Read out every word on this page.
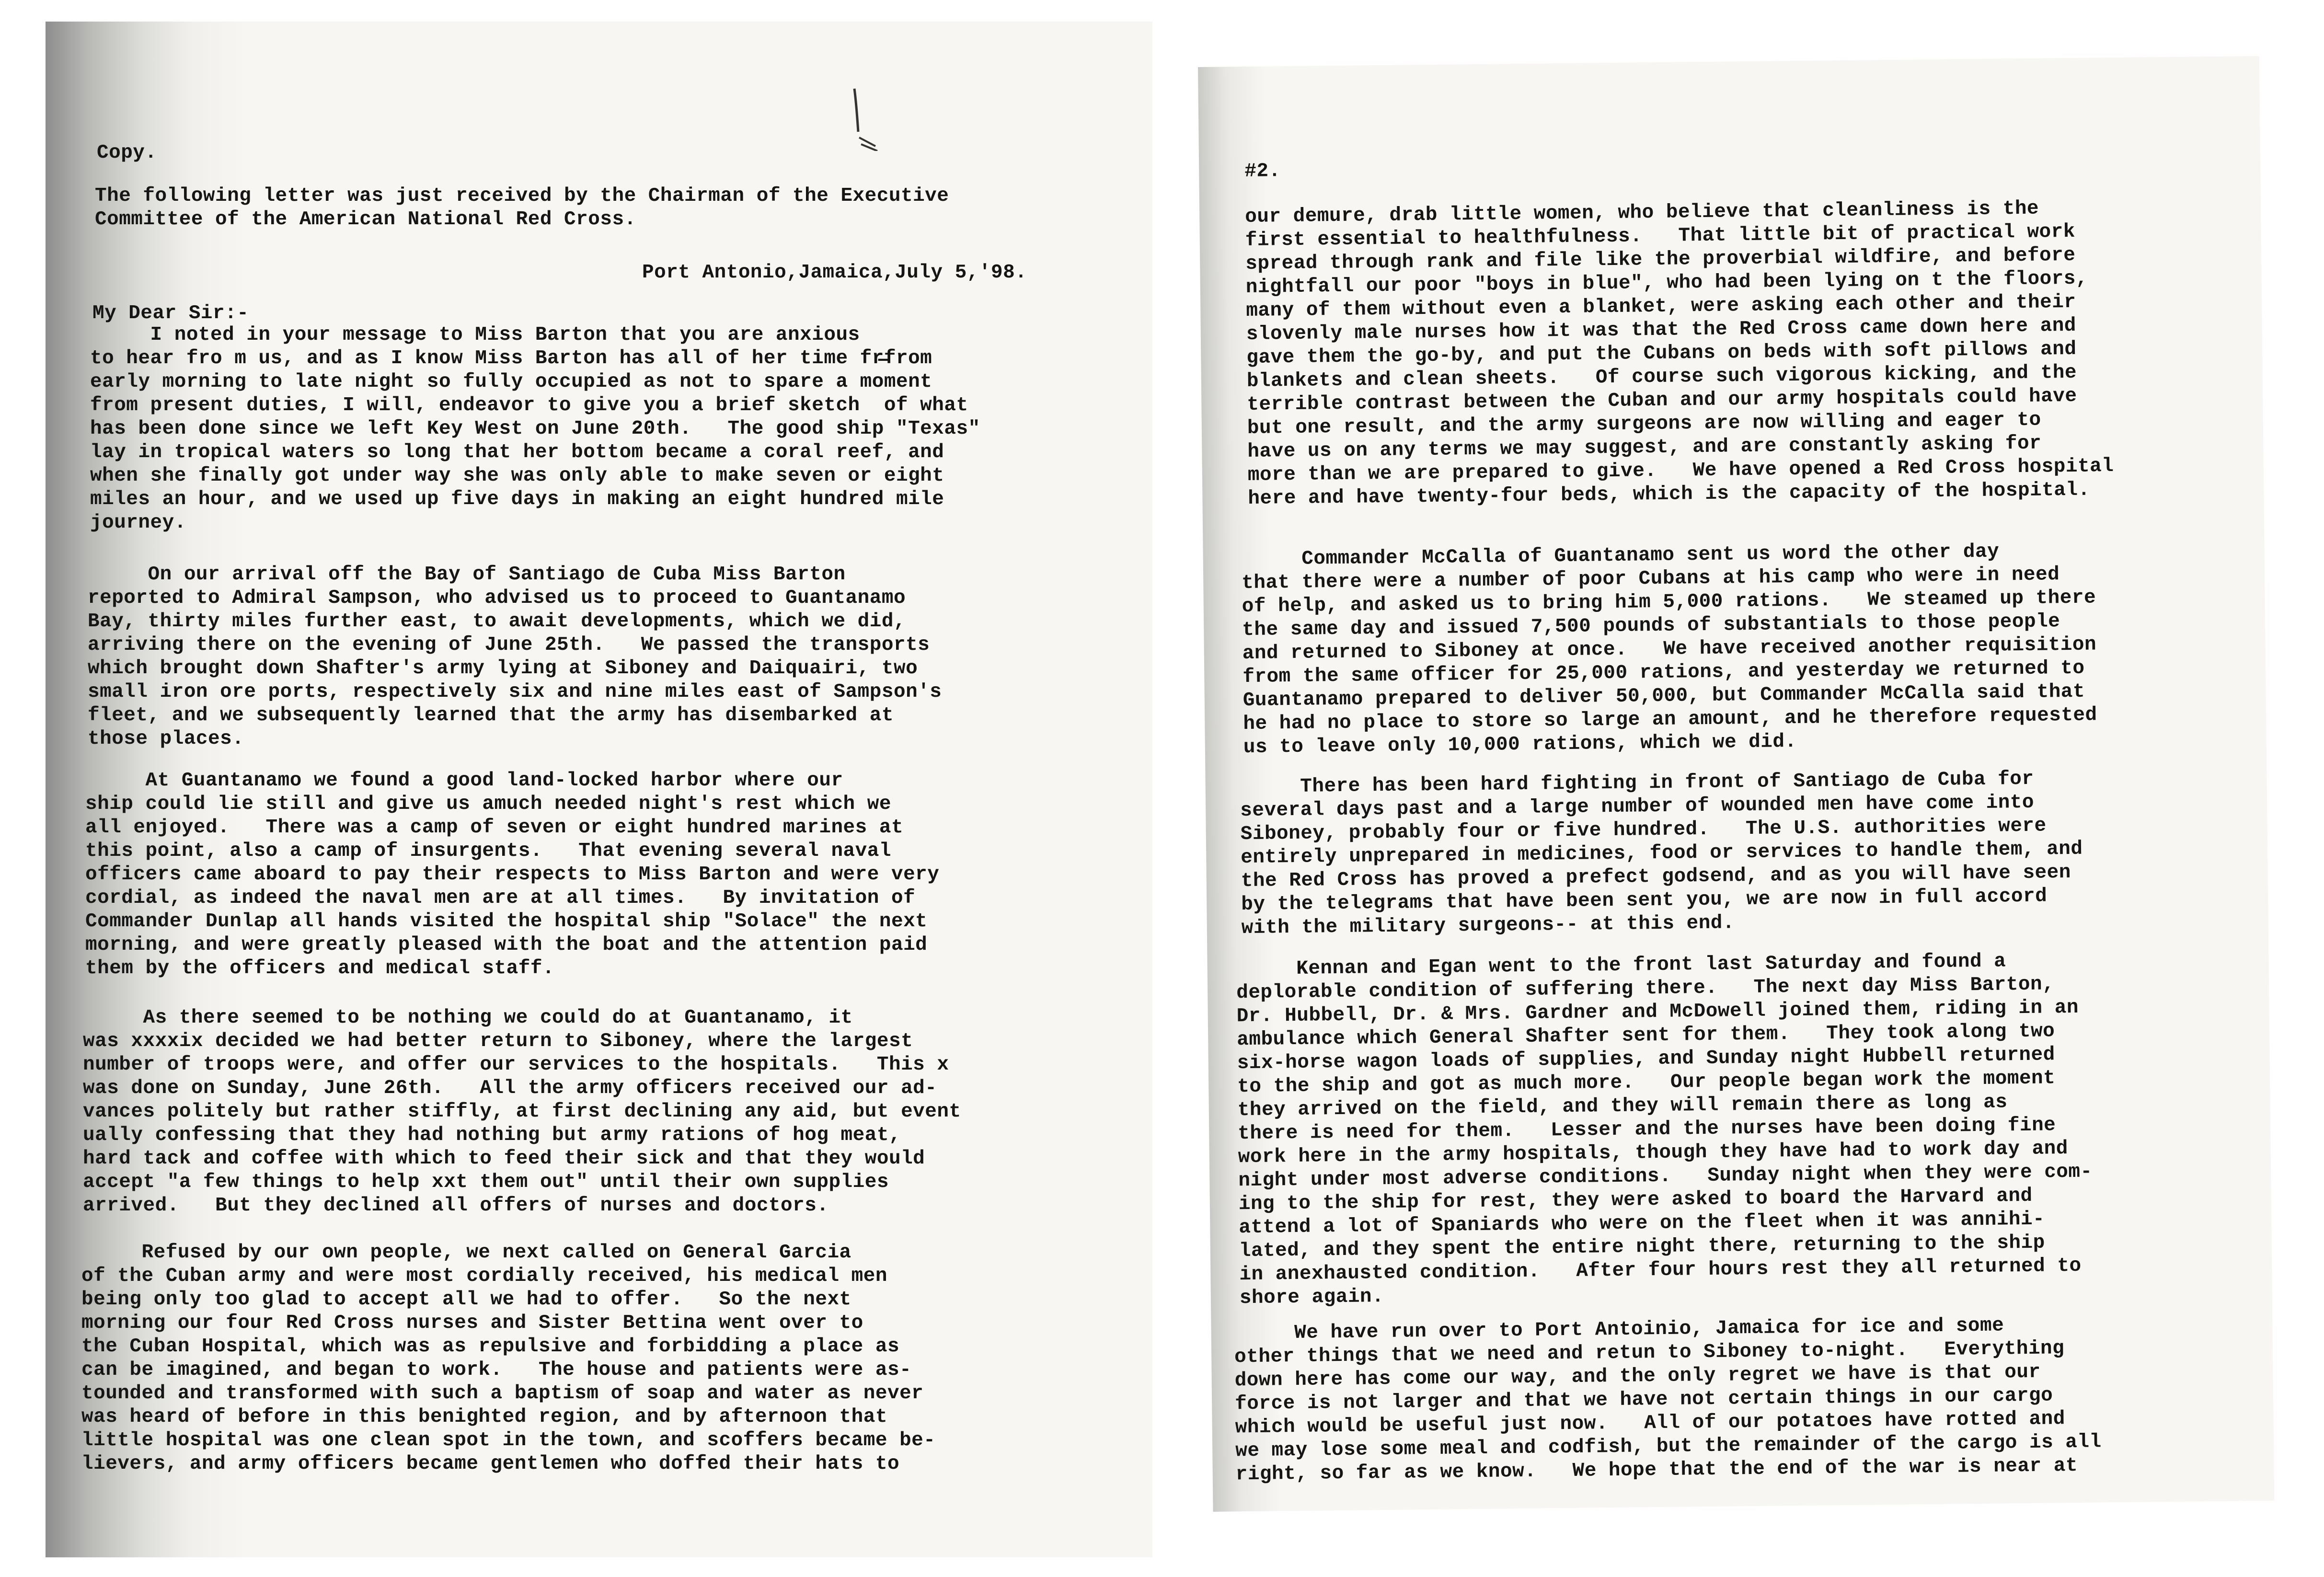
Copy.

The following letter was just received by the Chairman of the Executive
Committee of the American National Red Cross.

Port Antonio,Jamaica,July 5,'98.

My Dear Sir:-

I noted in your message to Miss Barton that you are anxious
to hear fro m us, and as I know Miss Barton has all of her time fr̶from
early morning to late night so fully occupied as not to spare a moment
from present duties, I will, endeavor to give you a brief sketch  of what
has been done since we left Key West on June 20th.   The good ship "Texas"
lay in tropical waters so long that her bottom became a coral reef, and
when she finally got under way she was only able to make seven or eight
miles an hour, and we used up five days in making an eight hundred mile
journey.

On our arrival off the Bay of Santiago de Cuba Miss Barton
reported to Admiral Sampson, who advised us to proceed to Guantanamo
Bay, thirty miles further east, to await developments, which we did,
arriving there on the evening of June 25th.   We passed the transports
which brought down Shafter's army lying at Siboney and Daiquairi, two
small iron ore ports, respectively six and nine miles east of Sampson's
fleet, and we subsequently learned that the army has disembarked at
those places.

At Guantanamo we found a good land-locked harbor where our
ship could lie still and give us amuch needed night's rest which we
all enjoyed.   There was a camp of seven or eight hundred marines at
this point, also a camp of insurgents.   That evening several naval
officers came aboard to pay their respects to Miss Barton and were very
cordial, as indeed the naval men are at all times.   By invitation of
Commander Dunlap all hands visited the hospital ship "Solace" the next
morning, and were greatly pleased with the boat and the attention paid
them by the officers and medical staff.

As there seemed to be nothing we could do at Guantanamo, it
was xxxxix decided we had better return to Siboney, where the largest
number of troops were, and offer our services to the hospitals.   This x
was done on Sunday, June 26th.   All the army officers received our ad-
vances politely but rather stiffly, at first declining any aid, but event
ually confessing that they had nothing but army rations of hog meat,
hard tack and coffee with which to feed their sick and that they would
accept "a few things to help xxt them out" until their own supplies
arrived.   But they declined all offers of nurses and doctors.

Refused by our own people, we next called on General Garcia
of the Cuban army and were most cordially received, his medical men
being only too glad to accept all we had to offer.   So the next
morning our four Red Cross nurses and Sister Bettina went over to
the Cuban Hospital, which was as repulsive and forbidding a place as
can be imagined, and began to work.   The house and patients were as-
tounded and transformed with such a baptism of soap and water as never
was heard of before in this benighted region, and by afternoon that
little hospital was one clean spot in the town, and scoffers became be-
lievers, and army officers became gentlemen who doffed their hats to

#2.

our demure, drab little women, who believe that cleanliness is the
first essential to healthfulness.   That little bit of practical work
spread through rank and file like the proverbial wildfire, and before
nightfall our poor "boys in blue", who had been lying on t the floors,
many of them without even a blanket, were asking each other and their
slovenly male nurses how it was that the Red Cross came down here and
gave them the go-by, and put the Cubans on beds with soft pillows and
blankets and clean sheets.   Of course such vigorous kicking, and the
terrible contrast between the Cuban and our army hospitals could have
but one result, and the army surgeons are now willing and eager to
have us on any terms we may suggest, and are constantly asking for
more than we are prepared to give.   We have opened a Red Cross hospital
here and have twenty-four beds, which is the capacity of the hospital.

Commander McCalla of Guantanamo sent us word the other day
that there were a number of poor Cubans at his camp who were in need
of help, and asked us to bring him 5,000 rations.   We steamed up there
the same day and issued 7,500 pounds of substantials to those people
and returned to Siboney at once.   We have received another requisition
from the same officer for 25,000 rations, and yesterday we returned to
Guantanamo prepared to deliver 50,000, but Commander McCalla said that
he had no place to store so large an amount, and he therefore requested
us to leave only 10,000 rations, which we did.

There has been hard fighting in front of Santiago de Cuba for
several days past and a large number of wounded men have come into
Siboney, probably four or five hundred.   The U.S. authorities were
entirely unprepared in medicines, food or services to handle them, and
the Red Cross has proved a prefect godsend, and as you will have seen
by the telegrams that have been sent you, we are now in full accord
with the military surgeons-- at this end.

Kennan and Egan went to the front last Saturday and found a
deplorable condition of suffering there.   The next day Miss Barton,
Dr. Hubbell, Dr. & Mrs. Gardner and McDowell joined them, riding in an
ambulance which General Shafter sent for them.   They took along two
six-horse wagon loads of supplies, and Sunday night Hubbell returned
to the ship and got as much more.   Our people began work the moment
they arrived on the field, and they will remain there as long as
there is need for them.   Lesser and the nurses have been doing fine
work here in the army hospitals, though they have had to work day and
night under most adverse conditions.   Sunday night when they were com-
ing to the ship for rest, they were asked to board the Harvard and
attend a lot of Spaniards who were on the fleet when it was annihi-
lated, and they spent the entire night there, returning to the ship
in anexhausted condition.   After four hours rest they all returned to
shore again.

We have run over to Port Antoinio, Jamaica for ice and some
other things that we need and retun to Siboney to-night.   Everything
down here has come our way, and the only regret we have is that our
force is not larger and that we have not certain things in our cargo
which would be useful just now.   All of our potatoes have rotted and
we may lose some meal and codfish, but the remainder of the cargo is all
right, so far as we know.   We hope that the end of the war is near at
